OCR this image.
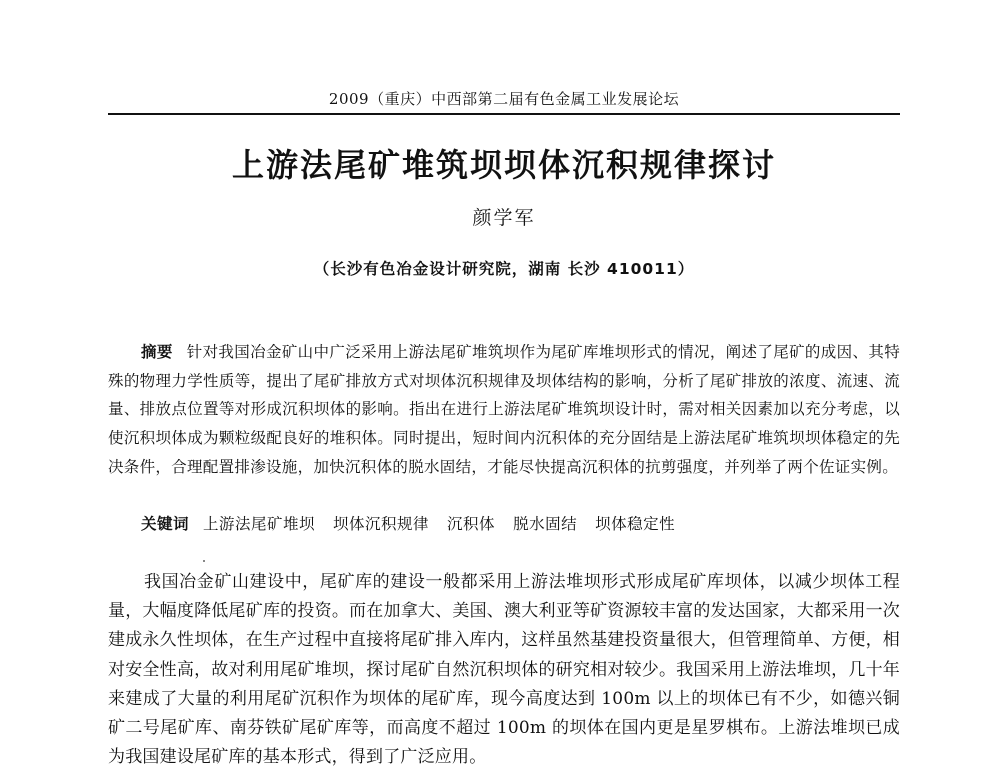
2009（重庆）中西部第二届有色金属工业发展论坛
上游法尾矿堆筑坝坝体沉积规律探讨
颜学军
（长沙有色冶金设计研究院，湖南 长沙 410011）

摘要 针对我国冶金矿山中广泛采用上游法尾矿堆筑坝作为尾矿库堆坝形式的情况，阐述了尾矿的成因、其特殊的物理力学性质等，提出了尾矿排放方式对坝体沉积规律及坝体结构的影响，分析了尾矿排放的浓度、流速、流量、排放点位置等对形成沉积坝体的影响。指出在进行上游法尾矿堆筑坝设计时，需对相关因素加以充分考虑，以使沉积坝体成为颗粒级配良好的堆积体。同时提出，短时间内沉积体的充分固结是上游法尾矿堆筑坝坝体稳定的先决条件，合理配置排渗设施，加快沉积体的脱水固结，才能尽快提高沉积体的抗剪强度，并列举了两个佐证实例。

关键词 上游法尾矿堆坝 坝体沉积规律 沉积体 脱水固结 坝体稳定性

我国冶金矿山建设中，尾矿库的建设一般都采用上游法堆坝形式形成尾矿库坝体，以减少坝体工程量，大幅度降低尾矿库的投资。而在加拿大、美国、澳大利亚等矿资源较丰富的发达国家，大都采用一次建成永久性坝体，在生产过程中直接将尾矿排入库内，这样虽然基建投资量很大，但管理简单、方便，相对安全性高，故对利用尾矿堆坝，探讨尾矿自然沉积坝体的研究相对较少。我国采用上游法堆坝，几十年来建成了大量的利用尾矿沉积作为坝体的尾矿库，现今高度达到 100m 以上的坝体已有不少，如德兴铜矿二号尾矿库、南芬铁矿尾矿库等，而高度不超过 100m 的坝体在国内更是星罗棋布。上游法堆坝已成为我国建设尾矿库的基本形式，得到了广泛应用。
